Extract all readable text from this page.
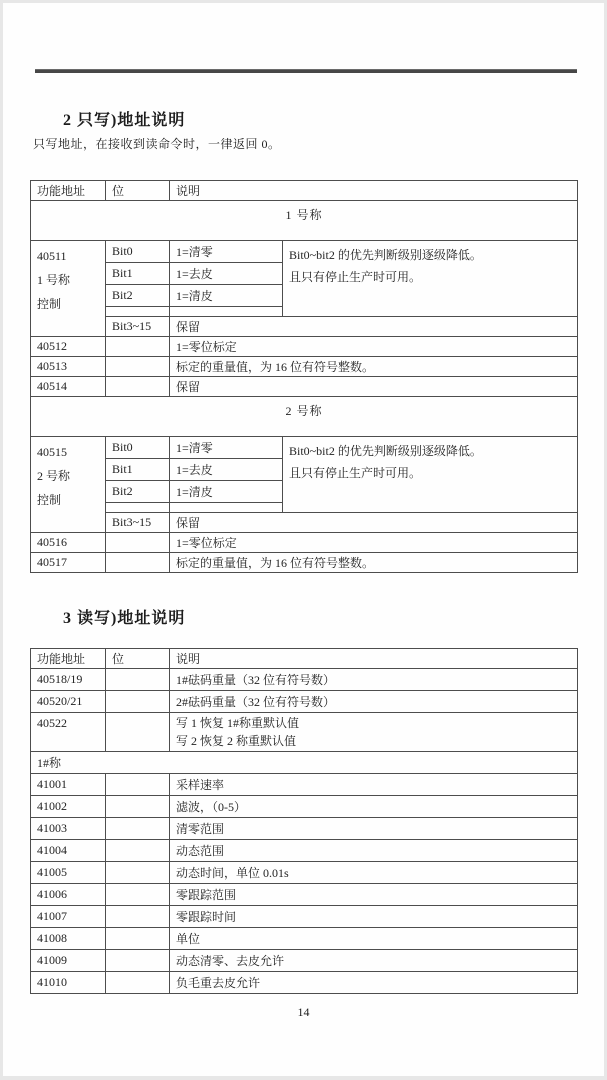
2 只写)地址说明
只写地址，在接收到读命令时，一律返回 0。
功能地址	位	说明	
1 号称			

40511
1 号称
控制
	Bit0	1=清零	Bit0~bit2 的优先判断级别逐级降低。
且只有停止生产时可用。

	Bit1	1=去皮	
	Bit2	1=清皮	

	Bit3~15	保留	
40512		1=零位标定	
40513		标定的重量值，为 16 位有符号整数。	
40514		保留	
2 号称			

40515
2 号称
控制
	Bit0	1=清零	Bit0~bit2 的优先判断级别逐级降低。
且只有停止生产时可用。

	Bit1	1=去皮	
	Bit2	1=清皮	

	Bit3~15	保留	
40516		1=零位标定	
40517		标定的重量值，为 16 位有符号整数。	
3 读写)地址说明
功能地址	位	说明
40518/19		1#砝码重量（32 位有符号数）
40520/21		2#砝码重量（32 位有符号数）
40522		写 1 恢复 1#称重默认值
写 2 恢复 2 称重默认值

1#称		
41001		采样速率
41002		滤波，（0-5）
41003		清零范围
41004		动态范围
41005		动态时间，单位 0.01s
41006		零跟踪范围
41007		零跟踪时间
41008		单位
41009		动态清零、去皮允许
41010		负毛重去皮允许
14
